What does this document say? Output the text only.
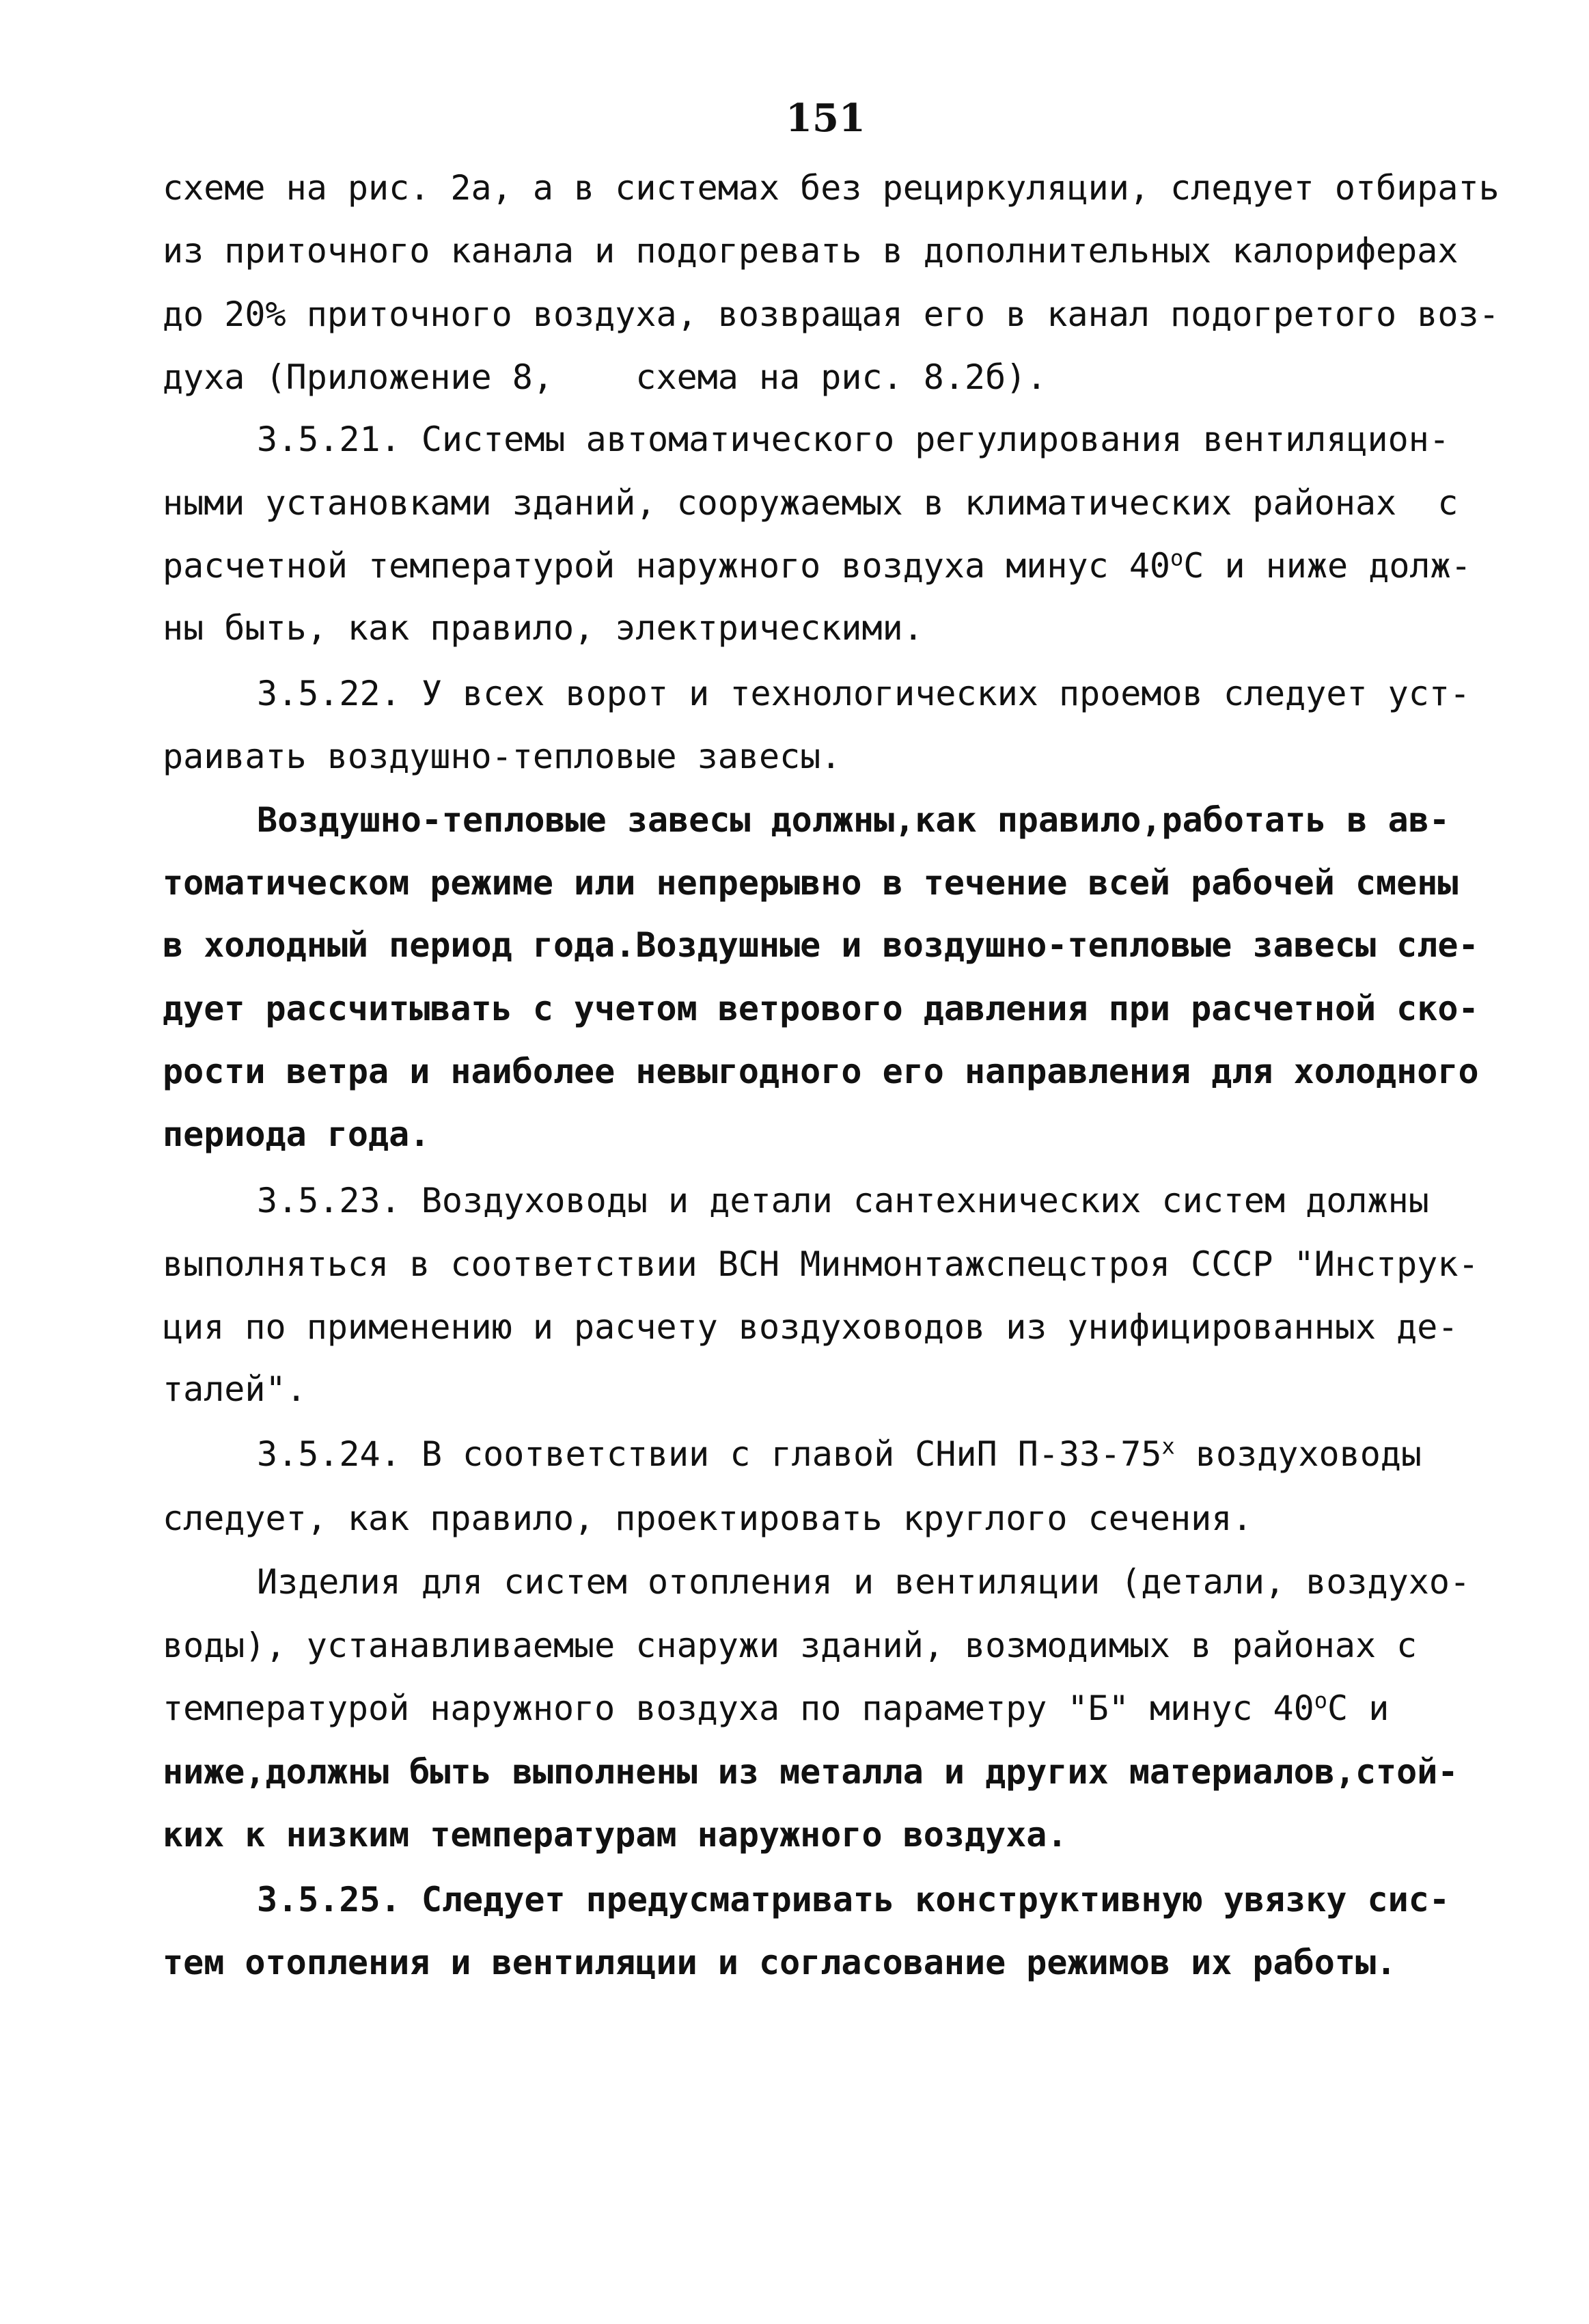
151
схеме на рис. 2а, а в системах без рециркуляции, следует отбирать
из приточного канала и подогревать в дополнительных калориферах
до 20% приточного воздуха, возвращая его в канал подогретого воз-
духа (Приложение 8,    схема на рис. 8.2б).
3.5.21. Системы автоматического регулирования вентиляцион-
ными установками зданий, сооружаемых в климатических районах  с
расчетной температурой наружного воздуха минус 40$^o$С и ниже долж-
ны быть, как правило, электрическими.
3.5.22. У всех ворот и технологических проемов следует уст-
раивать воздушно-тепловые завесы.
Воздушно-тепловые завесы должны,как правило,работать в ав-
томатическом режиме или непрерывно в течение всей рабочей смены
в холодный период года.Воздушные и воздушно-тепловые завесы сле-
дует рассчитывать с учетом ветрового давления при расчетной ско-
рости ветра и наиболее невыгодного его направления для холодного
периода года.
3.5.23. Воздуховоды и детали сантехнических систем должны
выполняться в соответствии ВСН Минмонтажспецстроя СССР "Инструк-
ция по применению и расчету воздуховодов из унифицированных де-
талей".
3.5.24. В соответствии с главой СНиП П-33-75$^x$ воздуховоды
следует, как правило, проектировать круглого сечения.
Изделия для систем отопления и вентиляции (детали, воздухо-
воды), устанавливаемые снаружи зданий, возмодимых в районах с
температурой наружного воздуха по параметру "Б" минус 40$^o$С и
ниже,должны быть выполнены из металла и других материалов,стой-
ких к низким температурам наружного воздуха.
3.5.25. Следует предусматривать конструктивную увязку сис-
тем отопления и вентиляции и согласование режимов их работы.
